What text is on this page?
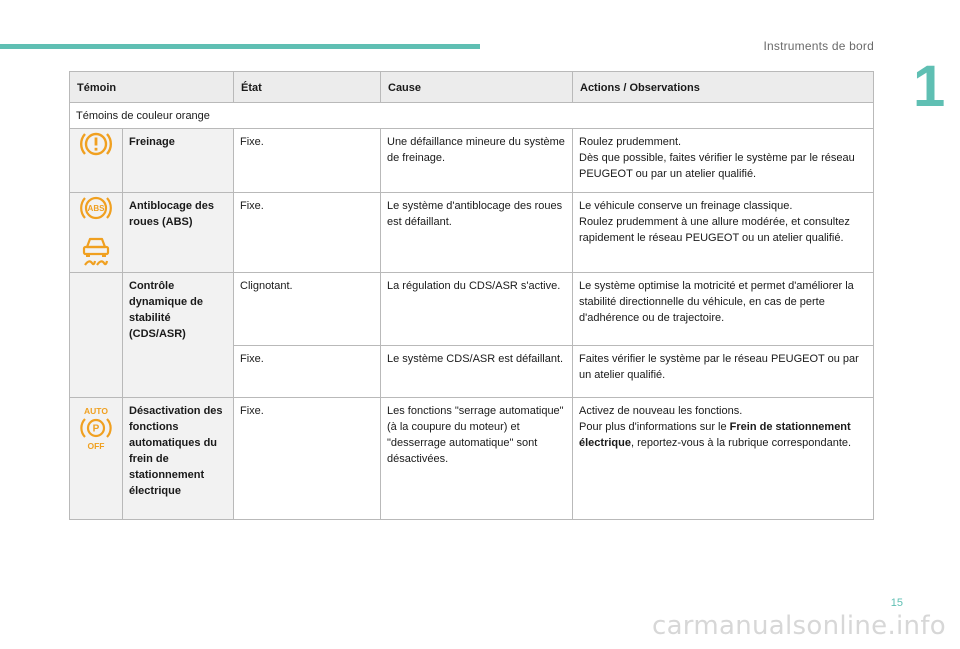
Instruments de bord
1
Témoin		État	Cause	Actions / Observations
Témoins de couleur orange				

	Freinage	Fixe.	Une défaillance mineure du système de freinage.	Roulez prudemment.
Dès que possible, faites vérifier le système par le réseau PEUGEOT ou par un atelier qualifié.

ABS	Antiblocage des roues (ABS)	Fixe.	Le système d'antiblocage des roues est défaillant.	Le véhicule conserve un freinage classique.
Roulez prudemment à une allure modérée, et consultez rapidement le réseau PEUGEOT ou un atelier qualifié.

	Contrôle dynamique de stabilité (CDS/ASR)	Clignotant.	La régulation du CDS/ASR s'active.	Le système optimise la motricité et permet d'améliorer la stabilité directionnelle du véhicule, en cas de perte d'adhérence ou de trajectoire.
		Fixe.	Le système CDS/ASR est défaillant.	Faites vérifier le système par le réseau PEUGEOT ou par un atelier qualifié.

AUTO
P
OFF	Désactivation des fonctions automatiques du frein de stationnement électrique	Fixe.	Les fonctions "serrage automatique" (à la coupure du moteur) et "desserrage automatique" sont désactivées.	Activez de nouveau les fonctions.
Pour plus d'informations sur le Frein de stationnement électrique, reportez-vous à la rubrique correspondante.
15
carmanualsonline.info
